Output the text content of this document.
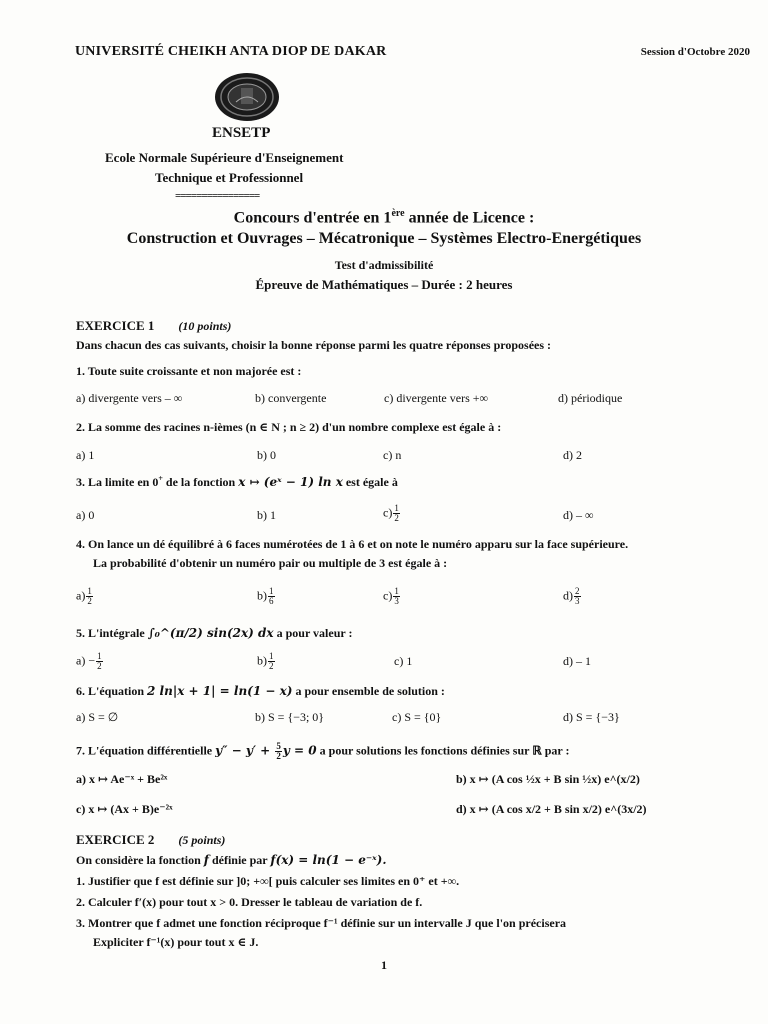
UNIVERSITÉ CHEIKH ANTA DIOP DE DAKAR	Session d'Octobre 2020
ENSETP
Ecole Normale Supérieure d'Enseignement
Technique et Professionnel
================
Concours d'entrée en 1ère année de Licence :
Construction et Ouvrages – Mécatronique – Systèmes Electro-Energétiques
Test d'admissibilité
Épreuve de Mathématiques – Durée : 2 heures
EXERCICE 1 (10 points)
Dans chacun des cas suivants, choisir la bonne réponse parmi les quatre réponses proposées :
1. Toute suite croissante et non majorée est :
a) divergente vers – ∞	b) convergente	c) divergente vers +∞	d) périodique
2. La somme des racines n-ièmes (n ∈ N ; n ≥ 2) d'un nombre complexe est égale à :
a) 1	b) 0	c) n	d) 2
3. La limite en 0+ de la fonction x ↦ (eˣ − 1) ln x est égale à
a) 0	b) 1	$c) \frac{1}{2}$	d) – ∞
4. On lance un dé équilibré à 6 faces numérotées de 1 à 6 et on note le numéro apparu sur la face supérieure.
La probabilité d'obtenir un numéro pair ou multiple de 3 est égale à :
$a) \frac{1}{2}$	$b) \frac{1}{6}$	$c) \frac{1}{3}$	$d) \frac{2}{3}$
5. L'intégrale ∫₀^(π/2) sin(2x) dx a pour valeur :
$a) - \frac{1}{2}$	$b) \frac{1}{2}$	c) 1	d) – 1
6. L'équation 2 ln|x + 1| = ln(1 − x) a pour ensemble de solution :
a) S = ∅	b) S = {−3; 0}	c) S = {0}	d) S = {−3}
7. L'équation différentielle $y'' - y' + \frac{5}{2}$ y = 0 a pour solutions les fonctions définies sur ℝ par :
a) x ↦ Ae⁻ˣ + Be²ˣ	b) x ↦ (A cos ½x + B sin ½x) e^(x/2)
c) x ↦ (Ax + B)e⁻²ˣ	d) x ↦ (A cos x/2 + B sin x/2) e^(3x/2)
EXERCICE 2 (5 points)
On considère la fonction f définie par f(x) = ln(1 − e⁻ˣ).
1. Justifier que f est définie sur ]0; +∞[ puis calculer ses limites en 0⁺ et +∞.
2. Calculer f′(x) pour tout x > 0. Dresser le tableau de variation de f.
3. Montrer que f admet une fonction réciproque f⁻¹ définie sur un intervalle J que l'on précisera
Expliciter f⁻¹(x) pour tout x ∈ J.
1
